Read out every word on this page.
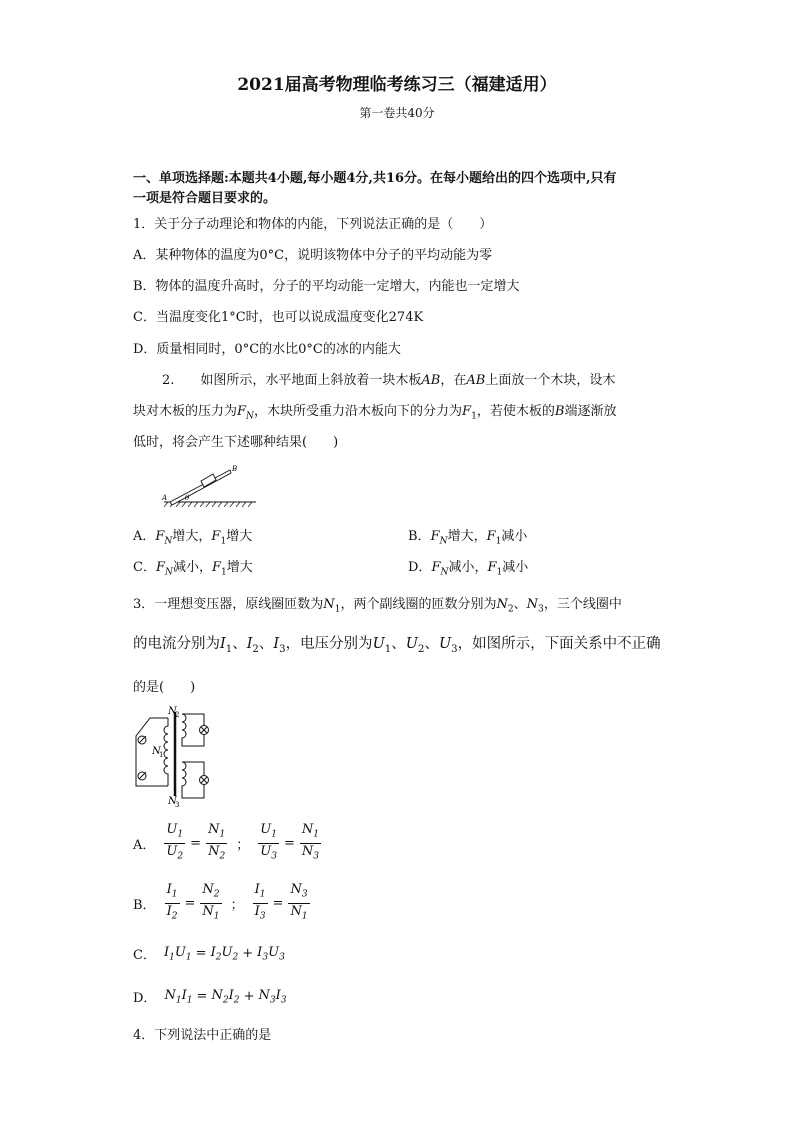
2021届高考物理临考练习三（福建适用）
第一卷共40分
一、单项选择题:本题共4小题,每小题4分,共16分。在每小题给出的四个选项中,只有
一项是符合题目要求的。
1．关于分子动理论和物体的内能，下列说法正确的是（　　）
A．某种物体的温度为0°C，说明该物体中分子的平均动能为零
B．物体的温度升高时，分子的平均动能一定增大，内能也一定增大
C．当温度变化1°C时，也可以说成温度变化274K
D．质量相同时，0°C的水比0°C的冰的内能大
2.　　如图所示，水平地面上斜放着一块木板AB，在AB上面放一个木块，设木
块对木板的压力为$F_N$，木块所受重力沿木板向下的分力为$F_1$，若使木板的B端逐渐放
低时，将会产生下述哪种结果(　　)
A
B
θ
A．$F_N$增大，$F_1$增大	B．$F_N$增大，$F_1$减小
C．$F_N$减小，$F_1$增大	D．$F_N$减小，$F_1$减小
3．一理想变压器，原线圈匝数为$N_1$，两个副线圈的匝数分别为$N_2$、$N_3$，三个线圈中
的电流分别为$I_1$、$I_2$、$I_3$，电压分别为$U_1$、$U_2$、$U_3$，如图所示，下面关系中不正确
的是(　　)
N
2
N
1
N
3
A． $\frac{U_1}{U_2} = \frac{N_1}{N_2}$ ； $\frac{U_1}{U_3} = \frac{N_1}{N_3}$
B． $\frac{I_1}{I_2} = \frac{N_2}{N_1}$ ； $\frac{I_1}{I_3} = \frac{N_3}{N_1}$
C． $I_1U_1 = I_2U_2 + I_3U_3$
D． $N_1I_1 = N_2I_2 + N_3I_3$
4．下列说法中正确的是
